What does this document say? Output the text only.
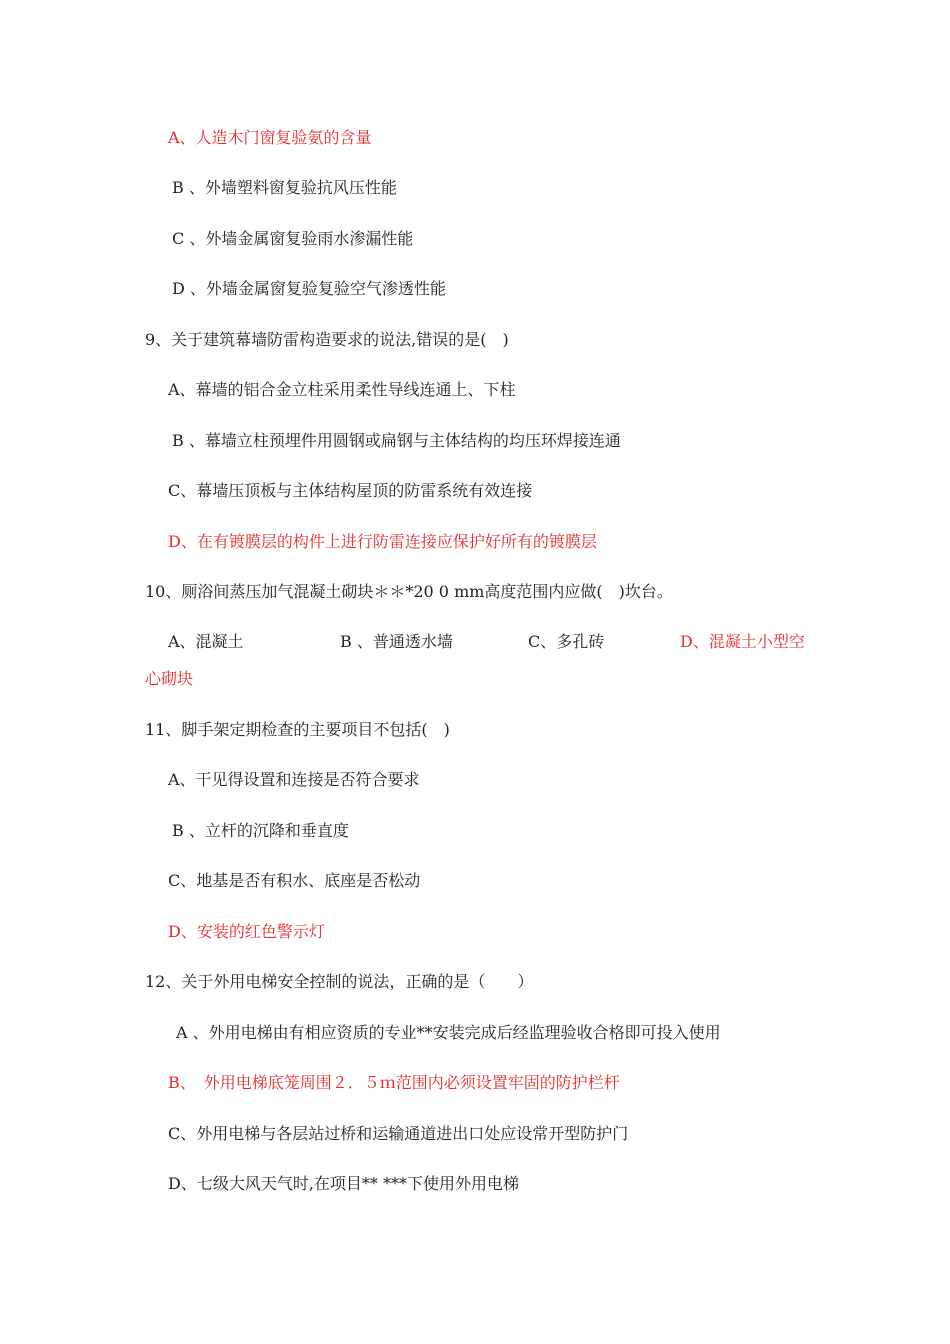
A、人造木门窗复验氨的含量
B 、外墙塑料窗复验抗风压性能
C 、外墙金属窗复验雨水渗漏性能
D 、外墙金属窗复验复验空气渗透性能
9、关于建筑幕墙防雷构造要求的说法,错误的是(　)
A、幕墙的铝合金立柱采用柔性导线连通上、下柱
B 、幕墙立柱预埋件用圆钢或扁钢与主体结构的均压环焊接连通
C、幕墙压顶板与主体结构屋顶的防雷系统有效连接
D、在有镀膜层的构件上进行防雷连接应保护好所有的镀膜层
10、厕浴间蒸压加气混凝土砌块＊＊*20 0 mm高度范围内应做(　)坎台。
A、混凝土	B 、普通透水墙	C、多孔砖	D、混凝土小型空
心砌块
11、脚手架定期检查的主要项目不包括(　)
A、干见得设置和连接是否符合要求
B 、立杆的沉降和垂直度
C、地基是否有积水、底座是否松动
D、安装的红色警示灯
12、关于外用电梯安全控制的说法，正确的是（　　）
A 、外用电梯由有相应资质的专业**安装完成后经监理验收合格即可投入使用
B、　外用电梯底笼周围２．５ｍ范围内必须设置牢固的防护栏杆
C、外用电梯与各层站过桥和运输通道进出口处应设常开型防护门
D、七级大风天气时,在项目** ***下使用外用电梯
